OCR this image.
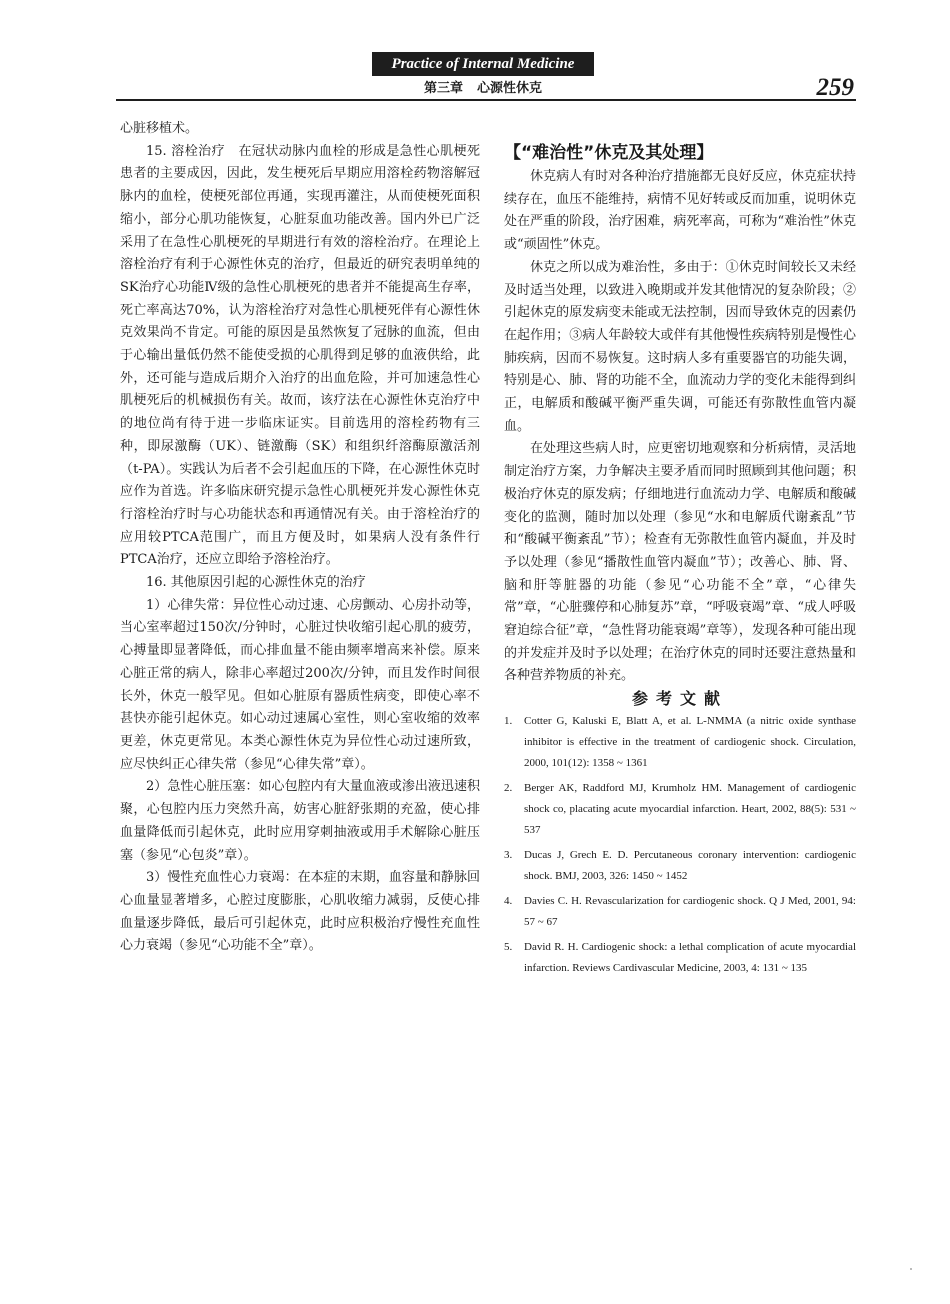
Practice of Internal Medicine
第三章 心源性休克	259

心脏移植术。

15. 溶栓治疗　在冠状动脉内血栓的形成是急性心肌梗死患者的主要成因，因此，发生梗死后早期应用溶栓药物溶解冠脉内的血栓，使梗死部位再通，实现再灌注，从而使梗死面积缩小，部分心肌功能恢复，心脏泵血功能改善。国内外已广泛采用了在急性心肌梗死的早期进行有效的溶栓治疗。在理论上溶栓治疗有利于心源性休克的治疗，但最近的研究表明单纯的SK治疗心功能Ⅳ级的急性心肌梗死的患者并不能提高生存率，死亡率高达70%，认为溶栓治疗对急性心肌梗死伴有心源性休克效果尚不肯定。可能的原因是虽然恢复了冠脉的血流，但由于心输出量低仍然不能使受损的心肌得到足够的血液供给，此外，还可能与造成后期介入治疗的出血危险，并可加速急性心肌梗死后的机械损伤有关。故而，该疗法在心源性休克治疗中的地位尚有待于进一步临床证实。目前选用的溶栓药物有三种，即尿激酶（UK）、链激酶（SK）和组织纤溶酶原激活剂（t-PA）。实践认为后者不会引起血压的下降，在心源性休克时应作为首选。许多临床研究提示急性心肌梗死并发心源性休克行溶栓治疗时与心功能状态和再通情况有关。由于溶栓治疗的应用较PTCA范围广，而且方便及时，如果病人没有条件行PTCA治疗，还应立即给予溶栓治疗。

16. 其他原因引起的心源性休克的治疗

1）心律失常：异位性心动过速、心房颤动、心房扑动等，当心室率超过150次/分钟时，心脏过快收缩引起心肌的疲劳，心搏量即显著降低，而心排血量不能由频率增高来补偿。原来心脏正常的病人，除非心率超过200次/分钟，而且发作时间很长外，休克一般罕见。但如心脏原有器质性病变，即使心率不甚快亦能引起休克。如心动过速属心室性，则心室收缩的效率更差，休克更常见。本类心源性休克为异位性心动过速所致，应尽快纠正心律失常（参见“心律失常”章）。

2）急性心脏压塞：如心包腔内有大量血液或渗出液迅速积聚，心包腔内压力突然升高，妨害心脏舒张期的充盈，使心排血量降低而引起休克，此时应用穿刺抽液或用手术解除心脏压塞（参见“心包炎”章）。

3）慢性充血性心力衰竭：在本症的末期，血容量和静脉回心血量显著增多，心腔过度膨胀，心肌收缩力减弱，反使心排血量逐步降低，最后可引起休克，此时应积极治疗慢性充血性心力衰竭（参见“心功能不全”章）。

【“难治性”休克及其处理】

休克病人有时对各种治疗措施都无良好反应，休克症状持续存在，血压不能维持，病情不见好转或反而加重，说明休克处在严重的阶段，治疗困难，病死率高，可称为“难治性”休克或“顽固性”休克。

休克之所以成为难治性，多由于：①休克时间较长又未经及时适当处理，以致进入晚期或并发其他情况的复杂阶段；②引起休克的原发病变未能或无法控制，因而导致休克的因素仍在起作用；③病人年龄较大或伴有其他慢性疾病特别是慢性心肺疾病，因而不易恢复。这时病人多有重要器官的功能失调，特别是心、肺、肾的功能不全，血流动力学的变化未能得到纠正，电解质和酸碱平衡严重失调，可能还有弥散性血管内凝血。

在处理这些病人时，应更密切地观察和分析病情，灵活地制定治疗方案，力争解决主要矛盾而同时照顾到其他问题；积极治疗休克的原发病；仔细地进行血流动力学、电解质和酸碱变化的监测，随时加以处理（参见“水和电解质代谢紊乱”节和“酸碱平衡紊乱”节）；检查有无弥散性血管内凝血，并及时予以处理（参见“播散性血管内凝血”节）；改善心、肺、肾、脑和肝等脏器的功能（参见“心功能不全”章，“心律失常”章，“心脏骤停和心肺复苏”章，“呼吸衰竭”章、“成人呼吸窘迫综合征”章，“急性肾功能衰竭”章等），发现各种可能出现的并发症并及时予以处理；在治疗休克的同时还要注意热量和各种营养物质的补充。

参考文献

1. Cotter G, Kaluski E, Blatt A, et al. L-NMMA (a nitric oxide synthase inhibitor is effective in the treatment of cardiogenic shock. Circulation, 2000, 101(12): 1358 ~ 1361
2. Berger AK, Raddford MJ, Krumholz HM. Management of cardiogenic shock co, placating acute myocardial infarction. Heart, 2002, 88(5): 531 ~ 537
3. Ducas J, Grech E. D. Percutaneous coronary intervention: cardiogenic shock. BMJ, 2003, 326: 1450 ~ 1452
4. Davies C. H. Revascularization for cardiogenic shock. Q J Med, 2001, 94: 57 ~ 67
5. David R. H. Cardiogenic shock: a lethal complication of acute myocardial infarction. Reviews Cardivascular Medicine, 2003, 4: 131 ~ 135
